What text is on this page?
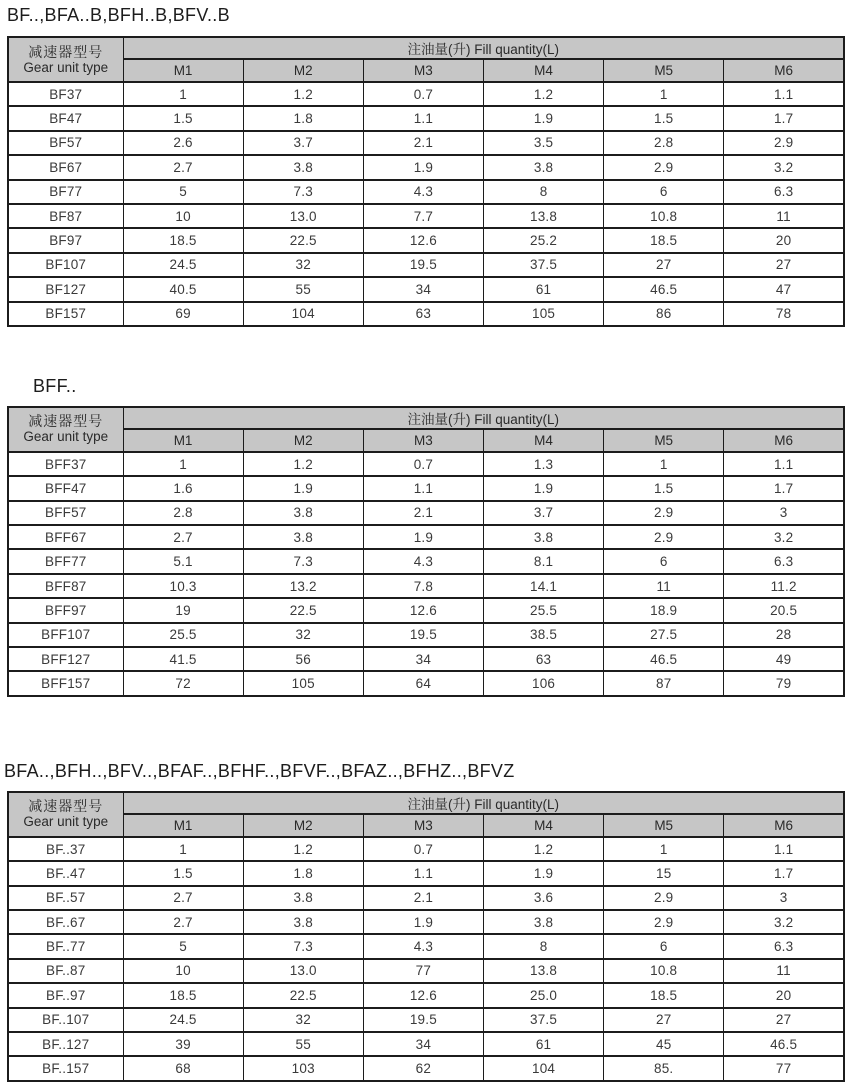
BF..,BFA..B,BFH..B,BFV..B
减速器型号
Gear unit type	注油量(升) Fill quantity(L)					
	M1	M2	M3	M4	M5	M6
BF37	1	1.2	0.7	1.2	1	1.1
BF47	1.5	1.8	1.1	1.9	1.5	1.7
BF57	2.6	3.7	2.1	3.5	2.8	2.9
BF67	2.7	3.8	1.9	3.8	2.9	3.2
BF77	5	7.3	4.3	8	6	6.3
BF87	10	13.0	7.7	13.8	10.8	11
BF97	18.5	22.5	12.6	25.2	18.5	20
BF107	24.5	32	19.5	37.5	27	27
BF127	40.5	55	34	61	46.5	47
BF157	69	104	63	105	86	78
BFF..
减速器型号
Gear unit type	注油量(升) Fill quantity(L)					
	M1	M2	M3	M4	M5	M6
BFF37	1	1.2	0.7	1.3	1	1.1
BFF47	1.6	1.9	1.1	1.9	1.5	1.7
BFF57	2.8	3.8	2.1	3.7	2.9	3
BFF67	2.7	3.8	1.9	3.8	2.9	3.2
BFF77	5.1	7.3	4.3	8.1	6	6.3
BFF87	10.3	13.2	7.8	14.1	11	11.2
BFF97	19	22.5	12.6	25.5	18.9	20.5
BFF107	25.5	32	19.5	38.5	27.5	28
BFF127	41.5	56	34	63	46.5	49
BFF157	72	105	64	106	87	79
BFA..,BFH..,BFV..,BFAF..,BFHF..,BFVF..,BFAZ..,BFHZ..,BFVZ
减速器型号
Gear unit type	注油量(升) Fill quantity(L)					
	M1	M2	M3	M4	M5	M6
BF..37	1	1.2	0.7	1.2	1	1.1
BF..47	1.5	1.8	1.1	1.9	15	1.7
BF..57	2.7	3.8	2.1	3.6	2.9	3
BF..67	2.7	3.8	1.9	3.8	2.9	3.2
BF..77	5	7.3	4.3	8	6	6.3
BF..87	10	13.0	77	13.8	10.8	11
BF..97	18.5	22.5	12.6	25.0	18.5	20
BF..107	24.5	32	19.5	37.5	27	27
BF..127	39	55	34	61	45	46.5
BF..157	68	103	62	104	85.	77
